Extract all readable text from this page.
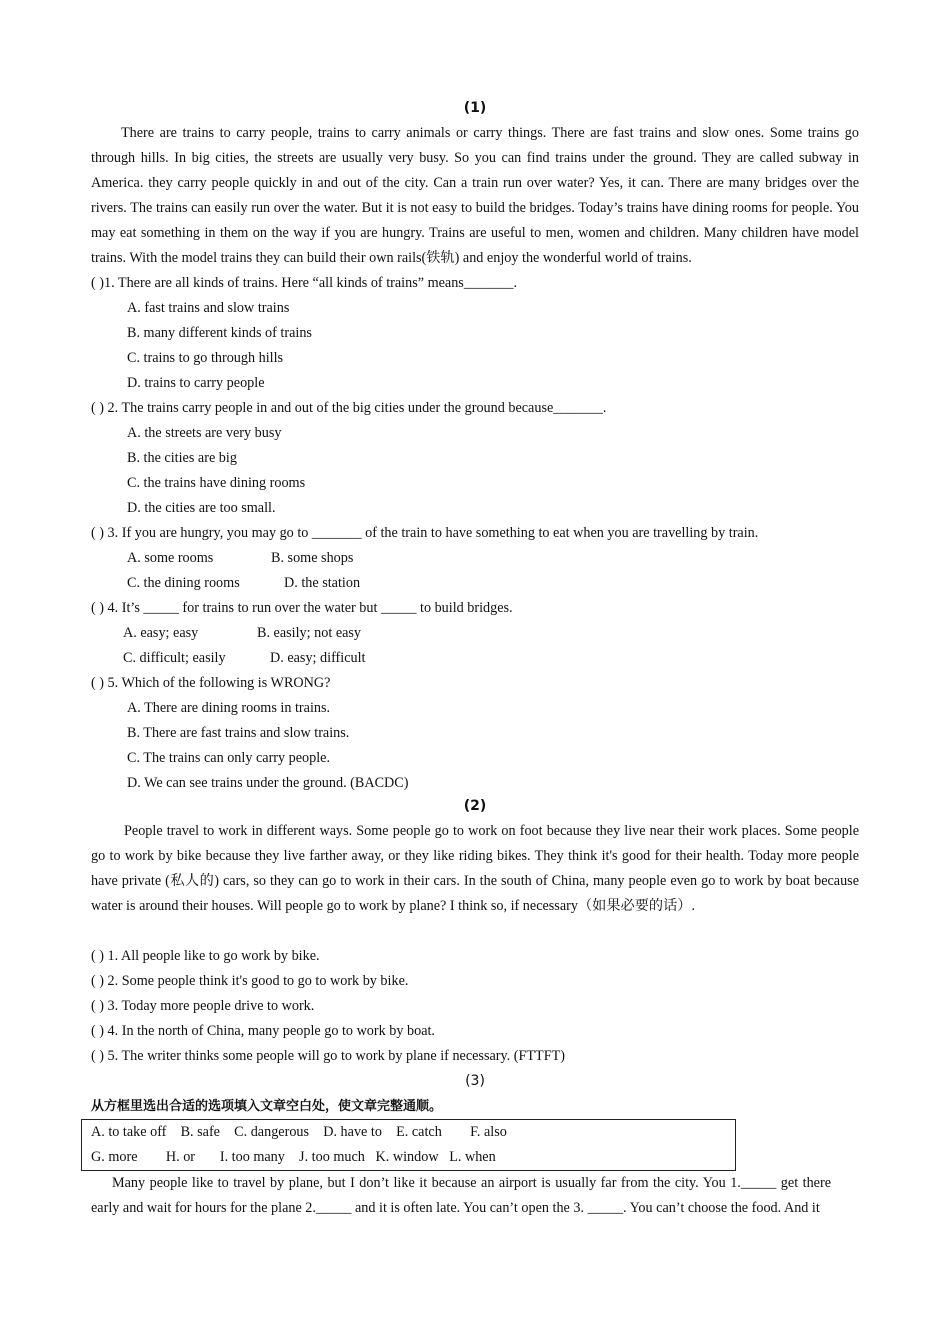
(1)

There are trains to carry people, trains to carry animals or carry things. There are fast trains and slow ones. Some trains go through hills. In big cities, the streets are usually very busy. So you can find trains under the ground. They are called subway in America. they carry people quickly in and out of the city. Can a train run over water? Yes, it can. There are many bridges over the rivers. The trains can easily run over the water. But it is not easy to build the bridges. Today’s trains have dining rooms for people. You may eat something in them on the way if you are hungry. Trains are useful to men, women and children. Many children have model trains. With the model trains they can build their own rails(铁轨) and enjoy the wonderful world of trains.

( )1. There are all kinds of trains. Here “all kinds of trains” means_______.
A. fast trains and slow trains
B. many different kinds of trains
C. trains to go through hills
D. trains to carry people
( ) 2. The trains carry people in and out of the big cities under the ground because_______.
A. the streets are very busy
B. the cities are big
C. the trains have dining rooms
D. the cities are too small.
( ) 3. If you are hungry, you may go to _______ of the train to have something to eat when you are travelling by train.
A. some rooms	B. some shops
C. the dining rooms	D. the station
( ) 4. It’s _____ for trains to run over the water but _____ to build bridges.
A. easy; easy	B. easily; not easy
C. difficult; easily	D. easy; difficult
( ) 5. Which of the following is WRONG?
A. There are dining rooms in trains.
B. There are fast trains and slow trains.
C. The trains can only carry people.
D. We can see trains under the ground. (BACDC)
(2)

People travel to work in different ways. Some people go to work on foot because they live near their work places. Some people go to work by bike because they live farther away, or they like riding bikes. They think it's good for their health. Today more people have private (私人的) cars, so they can go to work in their cars. In the south of China, many people even go to work by boat because water is around their houses. Will people go to work by plane? I think so, if necessary（如果必要的话）.

( ) 1. All people like to go work by bike.
( ) 2. Some people think it's good to go to work by bike.
( ) 3. Today more people drive to work.
( ) 4. In the north of China, many people go to work by boat.
( ) 5. The writer thinks some people will go to work by plane if necessary. (FTTFT)
(3)
从方框里选出合适的选项填入文章空白处，使文章完整通顺。
A. to take off    B. safe    C. dangerous    D. have to    E. catch        F. also
G. more        H. or       I. too many    J. too much   K. window   L. when

Many people like to travel by plane, but I don’t like it because an airport is usually far from the city. You 1._____ get there early and wait for hours for the plane 2._____ and it is often late. You can’t open the 3. _____. You can’t choose the food. And it
